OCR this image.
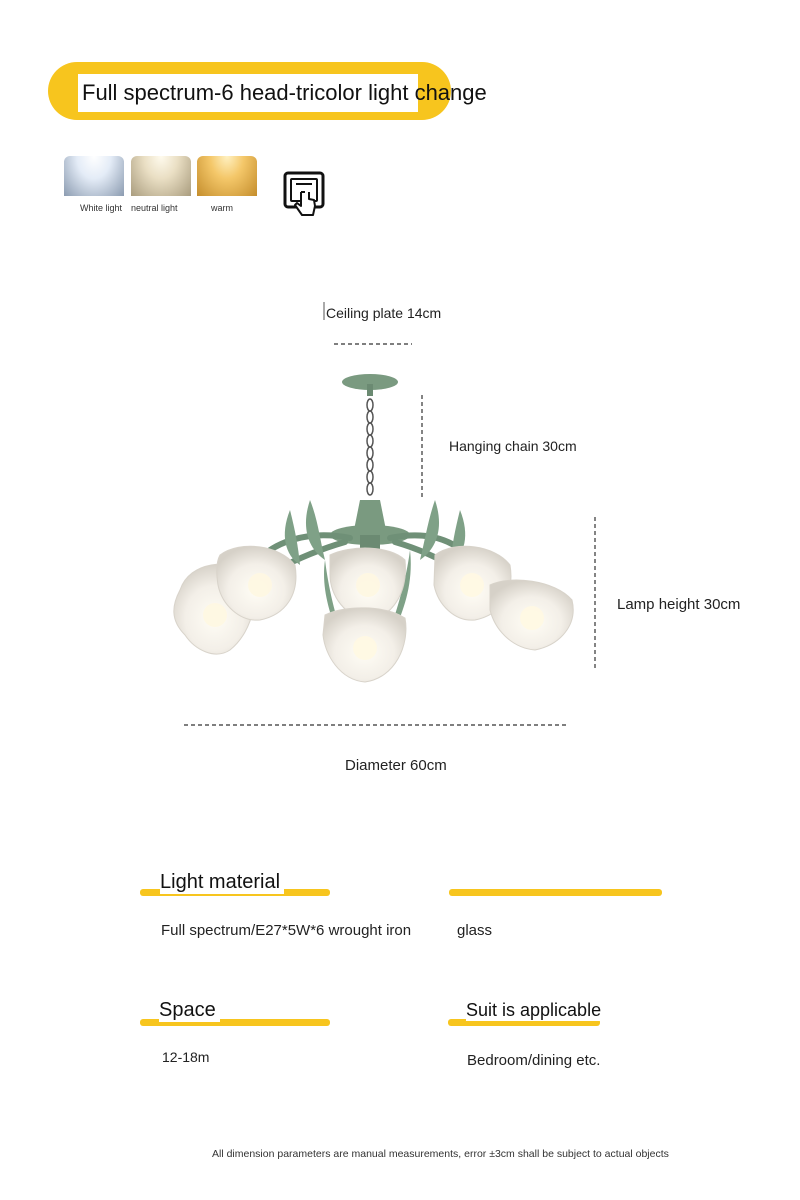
Full spectrum-6 head-tricolor light change
White light neutral light	warm
Ceiling plate 14cm
Hanging chain 30cm
Lamp height 30cm
Diameter 60cm
Light material
Full spectrum/E27*5W*6 wrought iron	glass
Space
12-18m
Suit is applicable
Bedroom/dining etc.
All dimension parameters are manual measurements, error ±3cm shall be subject to actual objects
